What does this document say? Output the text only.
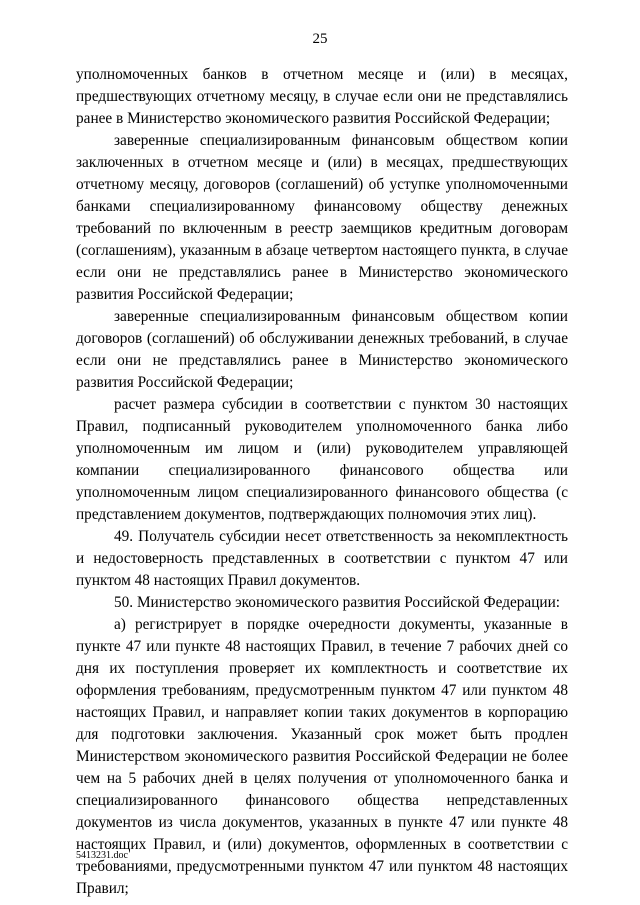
25

уполномоченных банков в отчетном месяце и (или) в месяцах, предшествующих отчетному месяцу, в случае если они не представлялись ранее в Министерство экономического развития Российской Федерации;

заверенные специализированным финансовым обществом копии заключенных в отчетном месяце и (или) в месяцах, предшествующих отчетному месяцу, договоров (соглашений) об уступке уполномоченными банками специализированному финансовому обществу денежных требований по включенным в реестр заемщиков кредитным договорам (соглашениям), указанным в абзаце четвертом настоящего пункта, в случае если они не представлялись ранее в Министерство экономического развития Российской Федерации;

заверенные специализированным финансовым обществом копии договоров (соглашений) об обслуживании денежных требований, в случае если они не представлялись ранее в Министерство экономического развития Российской Федерации;

расчет размера субсидии в соответствии с пунктом 30 настоящих Правил, подписанный руководителем уполномоченного банка либо уполномоченным им лицом и (или) руководителем управляющей компании специализированного финансового общества или уполномоченным лицом специализированного финансового общества (с представлением документов, подтверждающих полномочия этих лиц).

49. Получатель субсидии несет ответственность за некомплектность и недостоверность представленных в соответствии с пунктом 47 или пунктом 48 настоящих Правил документов.

50. Министерство экономического развития Российской Федерации:

а) регистрирует в порядке очередности документы, указанные в пункте 47 или пункте 48 настоящих Правил, в течение 7 рабочих дней со дня их поступления проверяет их комплектность и соответствие их оформления требованиям, предусмотренным пунктом 47 или пунктом 48 настоящих Правил, и направляет копии таких документов в корпорацию для подготовки заключения. Указанный срок может быть продлен Министерством экономического развития Российской Федерации не более чем на 5 рабочих дней в целях получения от уполномоченного банка и специализированного финансового общества непредставленных документов из числа документов, указанных в пункте 47 или пункте 48 настоящих Правил, и (или) документов, оформленных в соответствии с требованиями, предусмотренными пунктом 47 или пунктом 48 настоящих Правил;

5413231.doc
